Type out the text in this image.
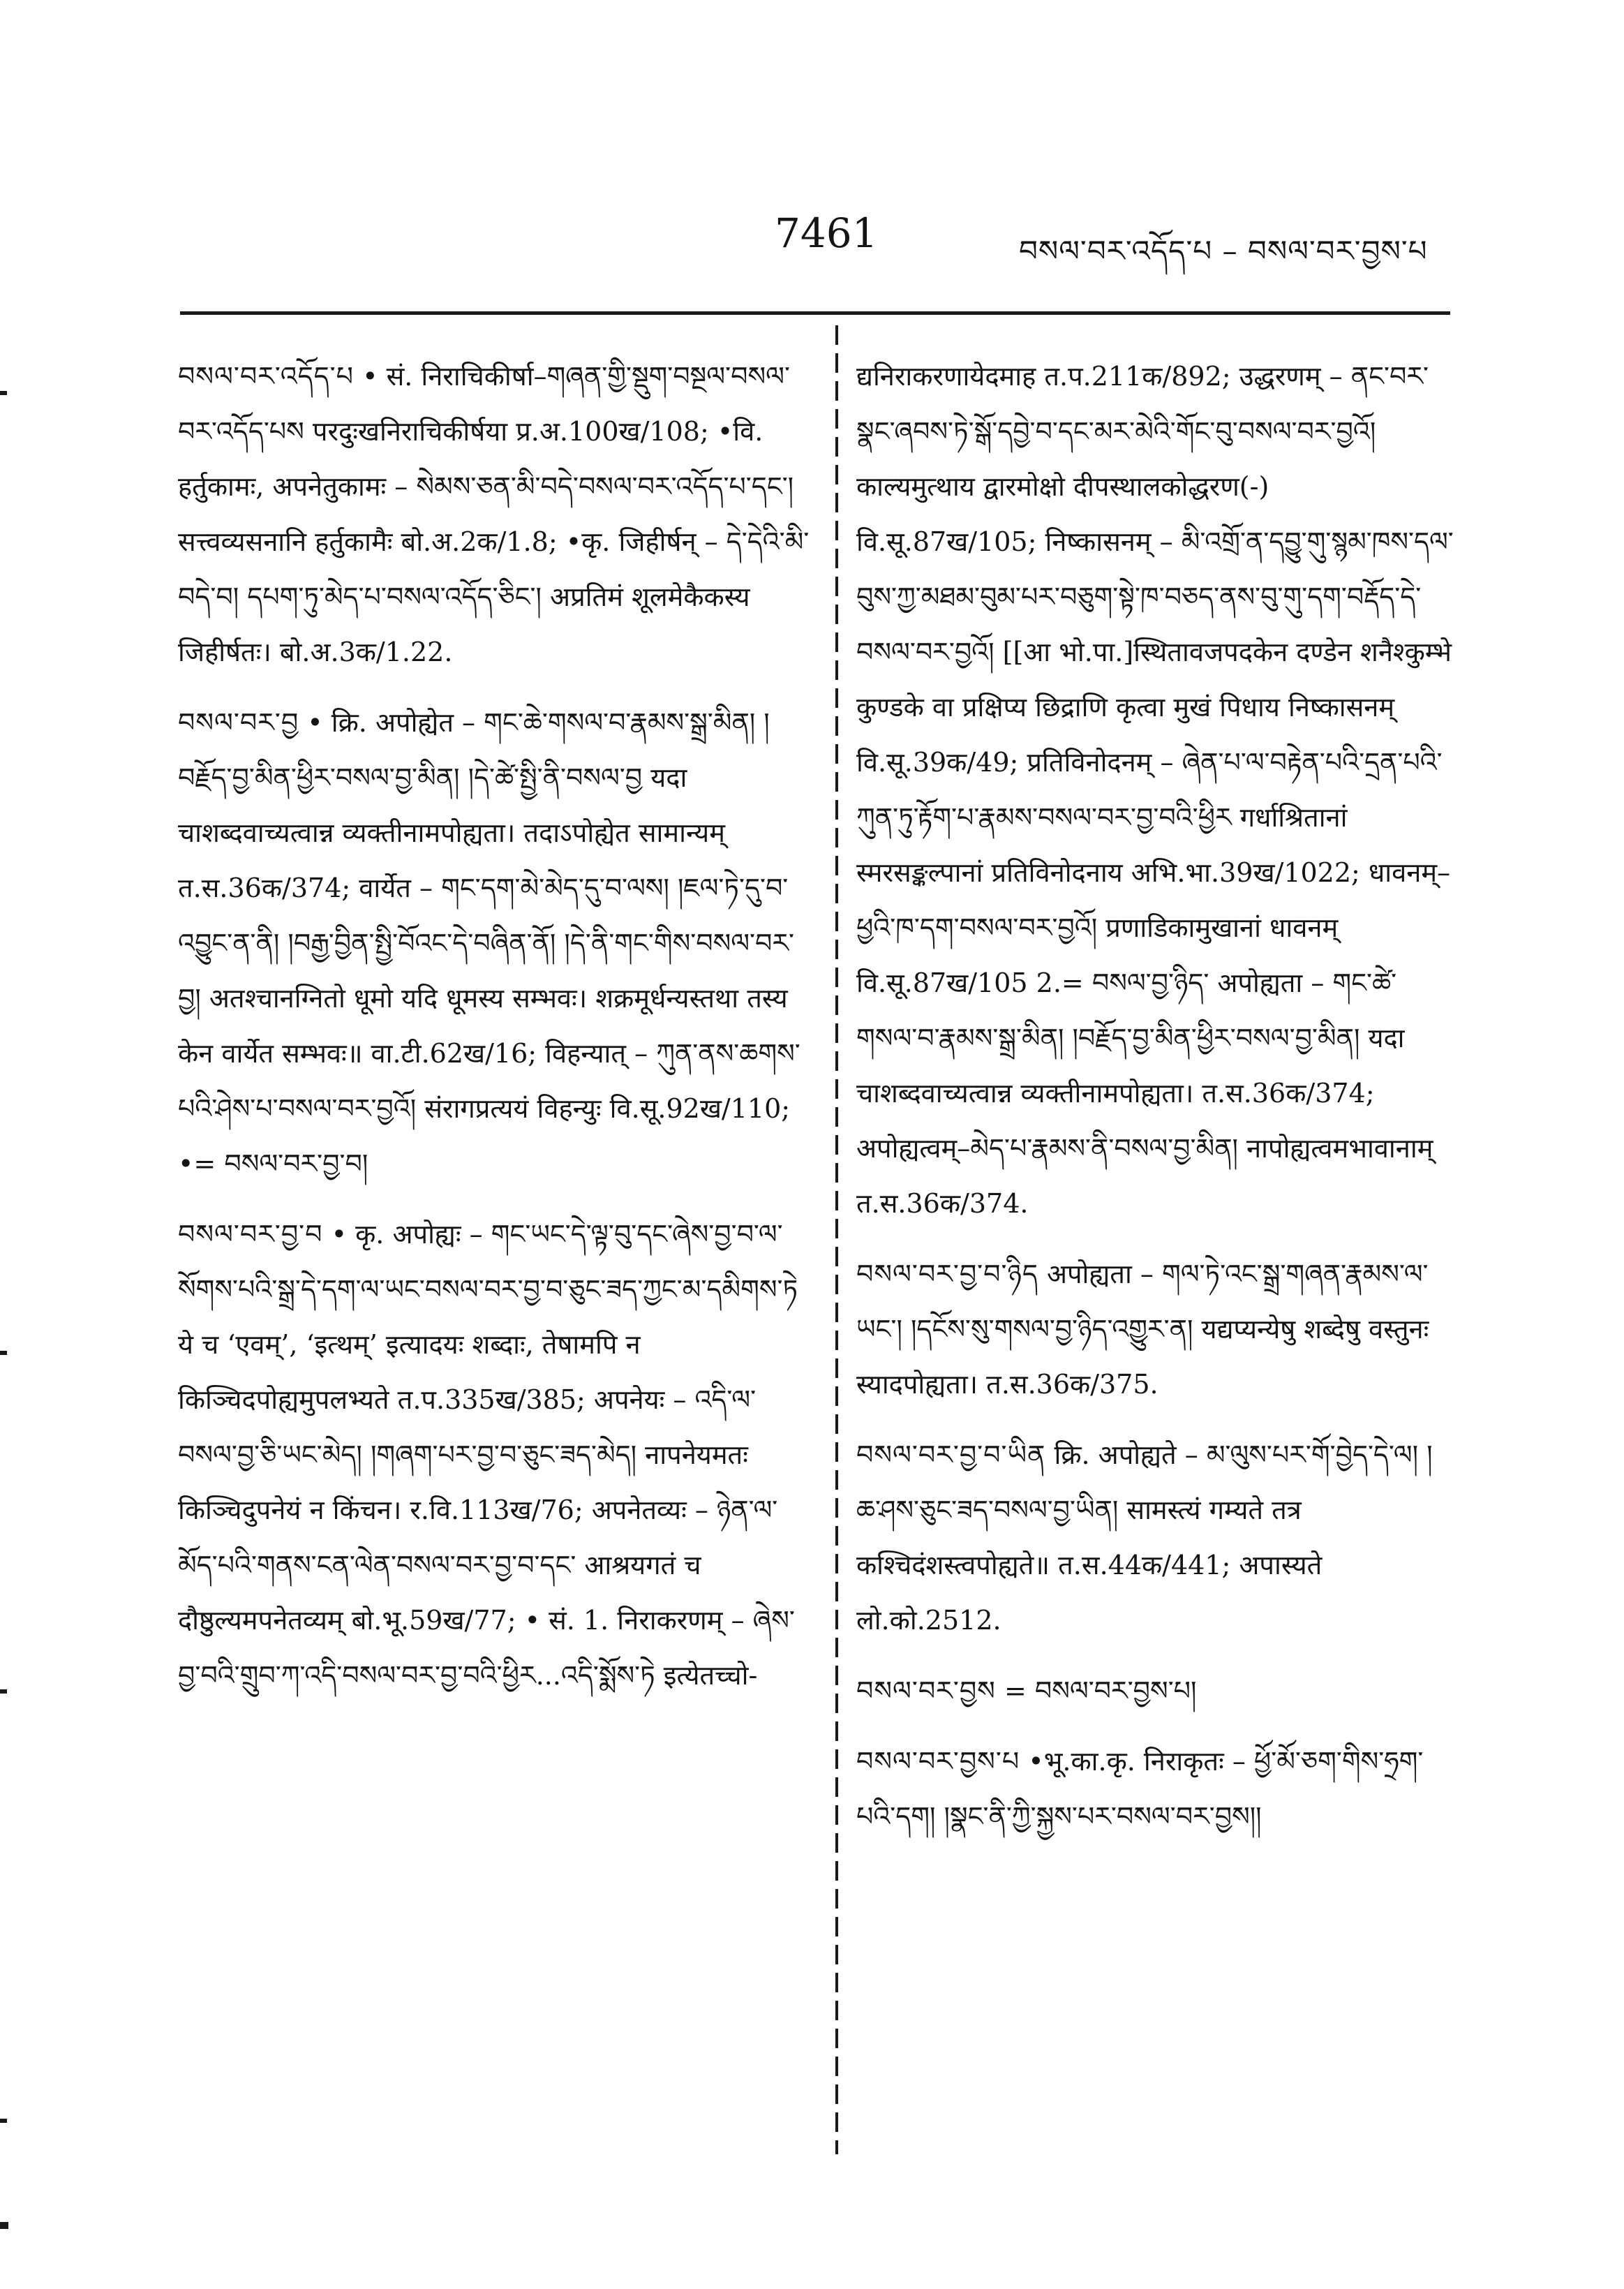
7461	བསལ་བར་འདོད་པ – བསལ་བར་བྱས་པ
བསལ་བར་འདོད་པ • सं. निराचिकीर्षा–གཞན་གྱི་སྡུག་བསྔལ་བསལ་བར་འདོད་པས परदुःखनिराचिकीर्षया प्र.अ.100ख/108; •वि. हर्तुकामः, अपनेतुकामः – སེམས་ཅན་མི་བདེ་བསལ་བར་འདོད་པ་དང༌། सत्त्वव्यसनानि हर्तुकामैः बो.अ.2क/1.8; •कृ. जिहीर्षन् – དེ་དེའི་མི་བདེ་བ། དཔག་ཏུ་མེད་པ་བསལ་འདོད་ཅིང༌། अप्रतिमं शूलमेकैकस्य जिहीर्षतः। बो.अ.3क/1.22.
བསལ་བར་བྱ • क्रि. अपोह्येत – གང་ཆེ་གསལ་བ་རྣམས་སྒྲ་མིན། །བརྗོད་བྱ་མིན་ཕྱིར་བསལ་བྱ་མིན། །དེ་ཚེ་སྤྱི་ནི་བསལ་བྱ यदा चाशब्दवाच्यत्वान्न व्यक्तीनामपोह्यता। तदाऽपोह्येत सामान्यम् त.स.36क/374; वार्येत – གང་དག་མེ་མེད་དུ་བ་ལས། །ཇལ་ཏེ་དུ་བ་འབྱུང་ན་ནི། །བརྒྱ་བྱིན་སྤྱི་བོའང་དེ་བཞིན་ནོ། །དེ་ནི་གང་གིས་བསལ་བར་བྱ། अतश्चानग्नितो धूमो यदि धूमस्य सम्भवः। शक्रमूर्धन्यस्तथा तस्य केन वार्येत सम्भवः॥ वा.टी.62ख/16; विहन्यात् – ཀུན་ནས་ཆགས་པའི་ཤེས་པ་བསལ་བར་བྱའོ། संरागप्रत्ययं विहन्युः वि.सू.92ख/110; •= བསལ་བར་བྱ་བ།
བསལ་བར་བྱ་བ • कृ. अपोह्यः – གང་ཡང་དེ་ལྟ་བུ་དང་ཞེས་བྱ་བ་ལ་སོགས་པའི་སྒྲ་དེ་དག་ལ་ཡང་བསལ་བར་བྱ་བ་ཅུང་ཟད་ཀྱང་མ་དམིགས་ཏེ ये च ‘एवम्’, ‘इत्थम्’ इत्यादयः शब्दाः, तेषामपि न किञ्चिदपोह्यमुपलभ्यते त.प.335ख/385; अपनेयः – འདི་ལ་བསལ་བྱ་ཅི་ཡང་མེད། །གཞག་པར་བྱ་བ་ཅུང་ཟད་མེད། नापनेयमतः किञ्चिदुपनेयं न किंचन। र.वि.113ख/76; अपनेतव्यः – ཉེན་ལ་མོད་པའི་གནས་ངན་ལེན་བསལ་བར་བྱ་བ་དང་ आश्रयगतं च दौष्ठुल्यमपनेतव्यम् बो.भू.59ख/77; • सं. 1. निराकरणम् – ཞེས་བྱ་བའི་གྲུབ་ཀ་འདི་བསལ་བར་བྱ་བའི་ཕྱིར...འདི་སྨོས་ཏེ इत्येतच्चो-
द्यनिराकरणायेदमाह त.प.211क/892; उद्धरणम् – ནང་བར་སྣང་ཞབས་ཏེ་སྒོ་དབྱེ་བ་དང་མར་མེའི་གོང་བུ་བསལ་བར་བྱའོ། काल्यमुत्थाय द्वारमोक्षो दीपस्थालकोद्धरण(-) वि.सू.87ख/105; निष्कासनम् – མི་འགྲོ་ན་དབྱུ་གུ་སྙམ་ཁས་དལ་བུས་ཀྱ་མཐམ་བུམ་པར་བཅུག་སྟེ་ཁ་བཅད་ནས་བུ་གུ་དག་བརྡོད་དེ་བསལ་བར་བྱའོ། [[आ भो.पा.]स्थितावजपदकेन दण्डेन शनैश्कुम्भे कुण्डके वा प्रक्षिप्य छिद्राणि कृत्वा मुखं पिधाय निष्कासनम् वि.सू.39क/49; प्रतिविनोदनम् – ཞེན་པ་ལ་བརྟེན་པའི་དྲན་པའི་ཀུན་ཏུ་རྟོག་པ་རྣམས་བསལ་བར་བྱ་བའི་ཕྱིར गर्धाश्रितानां स्मरसङ्कल्पानां प्रतिविनोदनाय अभि.भा.39ख/1022; धावनम्–ཕྱའི་ཁ་དག་བསལ་བར་བྱའོ། प्रणाडिकामुखानां धावनम् वि.सू.87ख/105 2.= བསལ་བྱ་ཉིད་ अपोह्यता – གང་ཚེ་གསལ་བ་རྣམས་སྒྲ་མིན། །བརྗོད་བྱ་མིན་ཕྱིར་བསལ་བྱ་མིན། यदा चाशब्दवाच्यत्वान्न व्यक्तीनामपोह्यता। त.स.36क/374; अपोह्यत्वम्–མེད་པ་རྣམས་ནི་བསལ་བྱ་མིན། नापोह्यत्वमभावानाम् त.स.36क/374.
བསལ་བར་བྱ་བ་ཉིད अपोह्यता – གལ་ཏེ་འང་སྒྲ་གཞན་རྣམས་ལ་ཡང་། །དངོས་སུ་གསལ་བྱ་ཉིད་འགྱུར་ན། यद्यप्यन्येषु शब्देषु वस्तुनः स्यादपोह्यता। त.स.36क/375.
བསལ་བར་བྱ་བ་ཡིན क्रि. अपोह्यते – མ་ལུས་པར་གོ་བྱེད་དེ་ལ། །ཆ་ཤས་ཅུང་ཟད་བསལ་བྱ་ཡིན། सामस्त्यं गम्यते तत्र कश्चिदंशस्त्वपोह्यते॥ त.स.44क/441; अपास्यते लो.को.2512.
བསལ་བར་བྱས = བསལ་བར་བྱས་པ།
བསལ་བར་བྱས་པ •भू.का.कृ. निराकृतः – ཕྱོ་མོ་ཅག་གིས་ཧྲག་པའི་དག། །སྣང་ནི་ཀྱི་སྐྱས་པར་བསལ་བར་བྱས།།
